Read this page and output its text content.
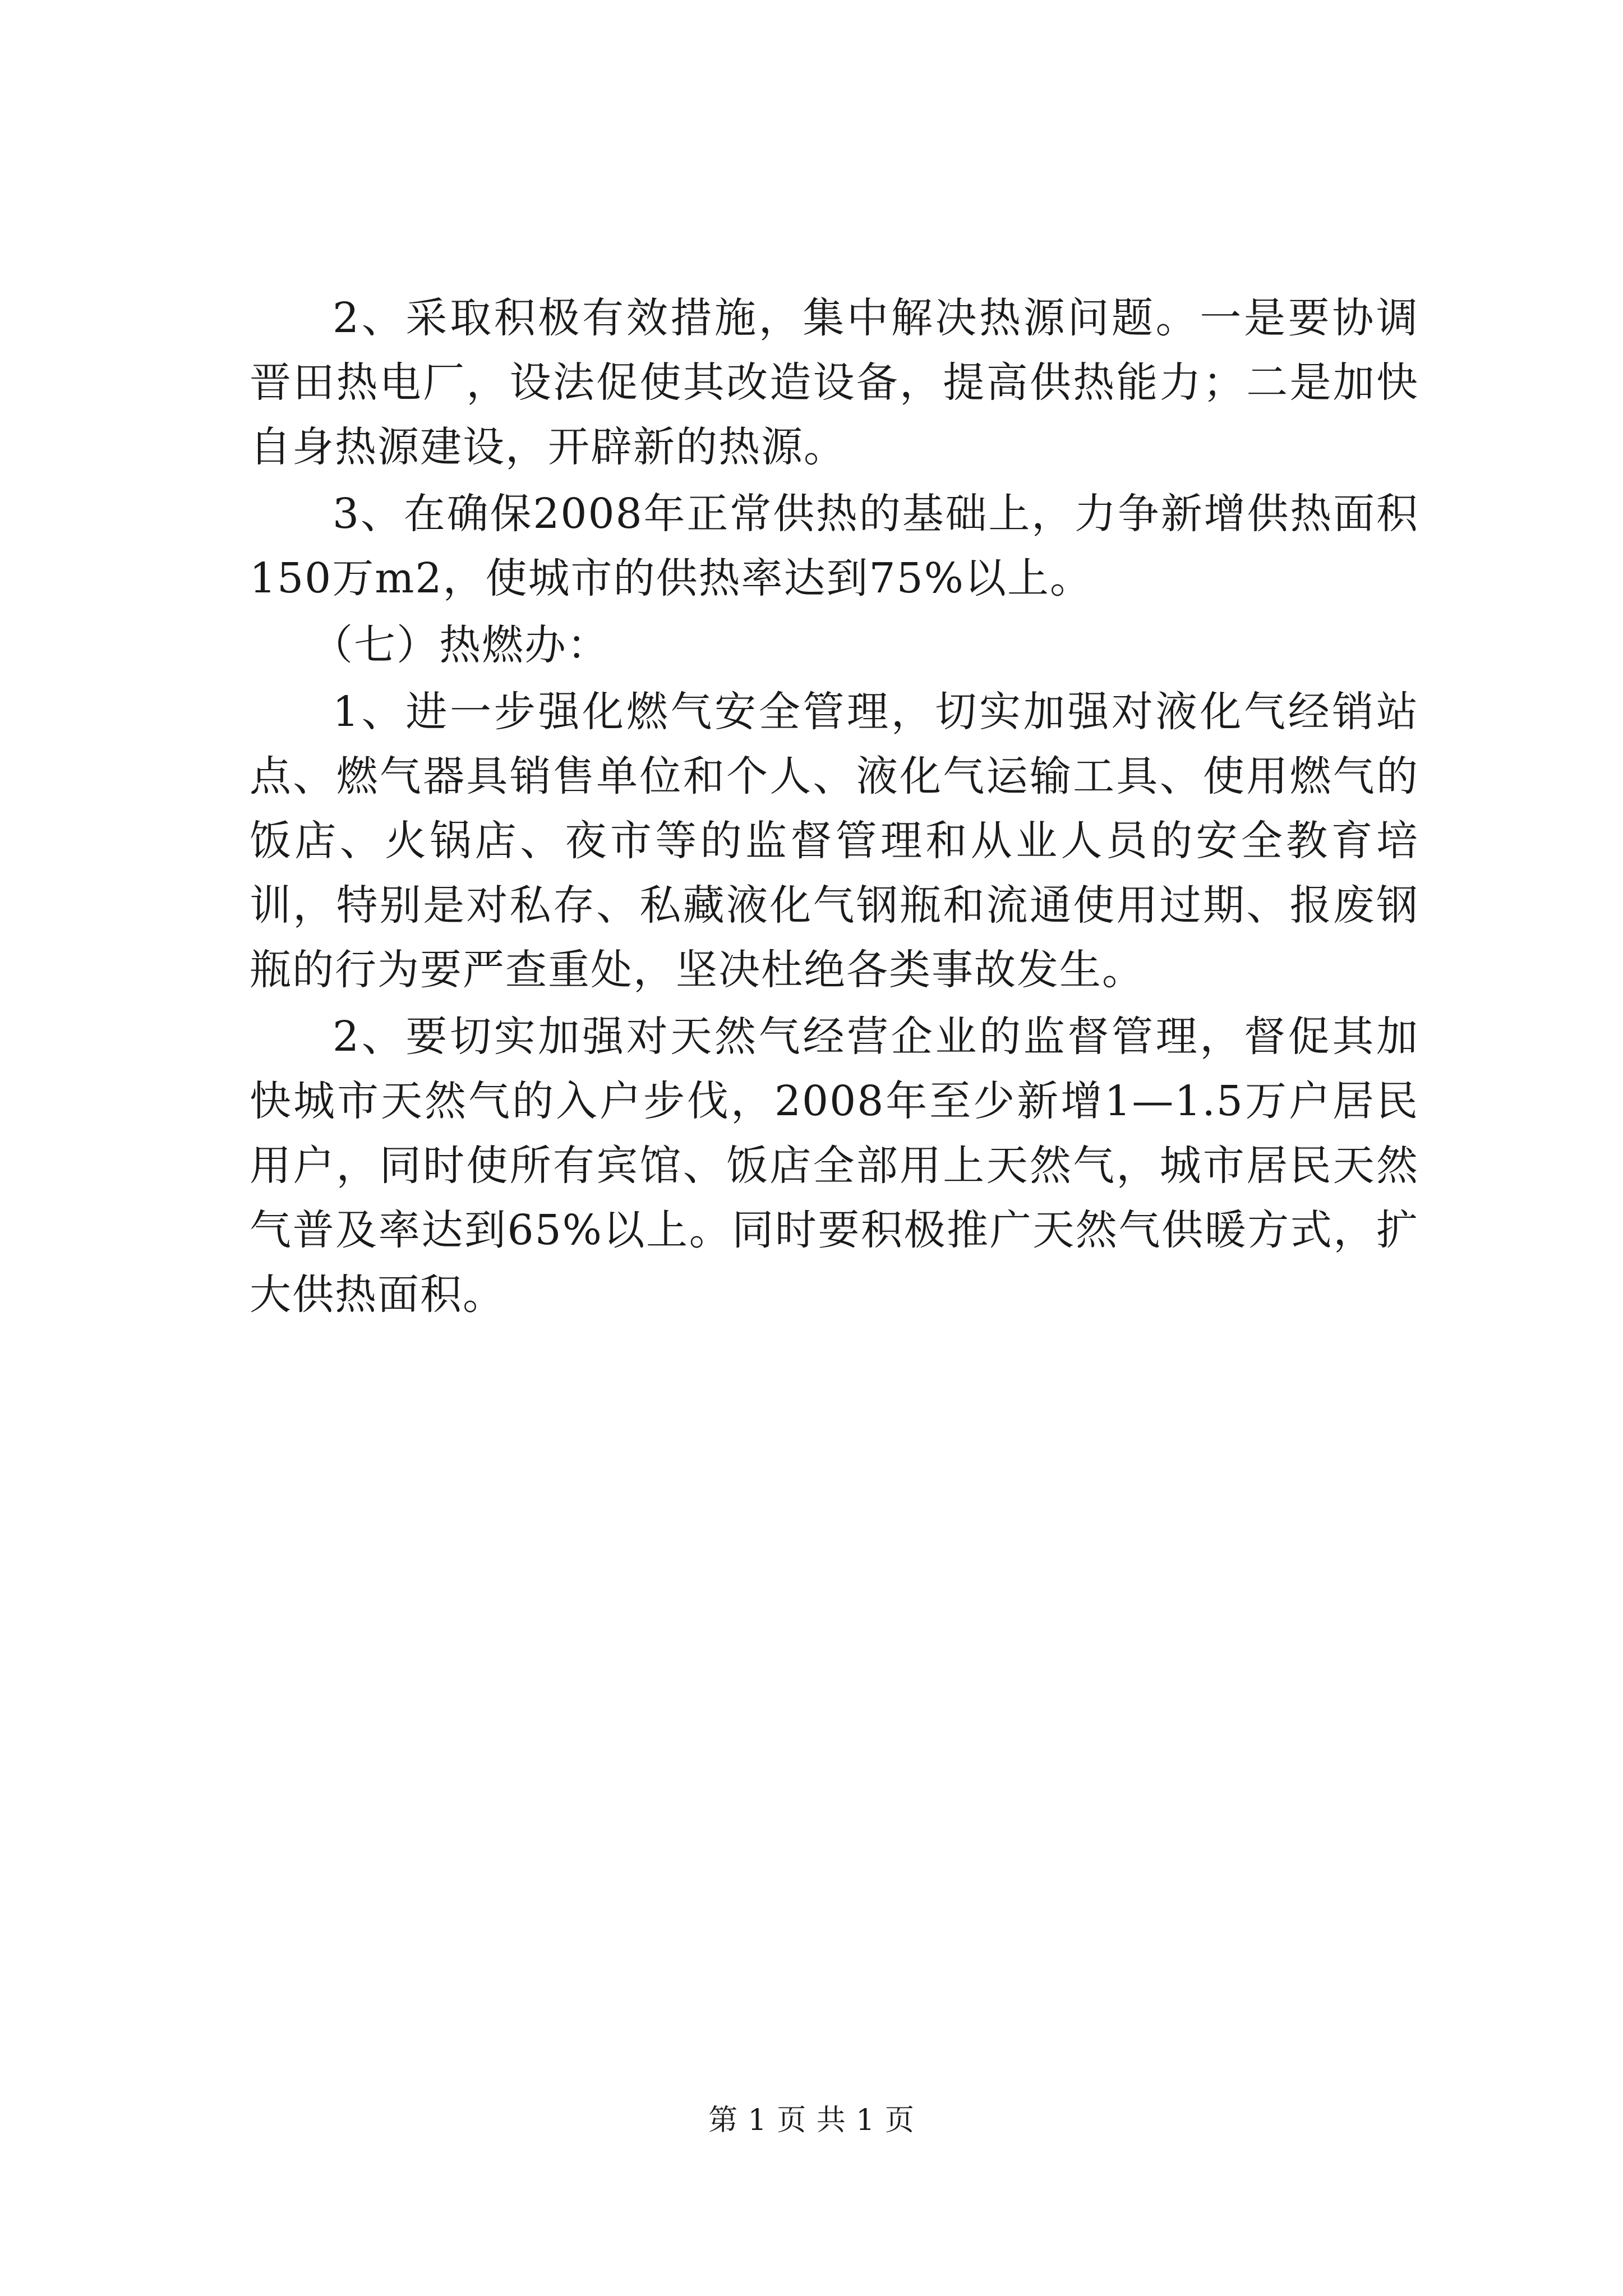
2、采取积极有效措施，集中解决热源问题。一是要协调晋田热电厂，设法促使其改造设备，提高供热能力；二是加快自身热源建设，开辟新的热源。

3、在确保2008年正常供热的基础上，力争新增供热面积150万m2，使城市的供热率达到75%以上。

（七）热燃办：

1、进一步强化燃气安全管理，切实加强对液化气经销站点、燃气器具销售单位和个人、液化气运输工具、使用燃气的饭店、火锅店、夜市等的监督管理和从业人员的安全教育培训，特别是对私存、私藏液化气钢瓶和流通使用过期、报废钢瓶的行为要严查重处，坚决杜绝各类事故发生。

2、要切实加强对天然气经营企业的监督管理，督促其加快城市天然气的入户步伐，2008年至少新增1—1.5万户居民用户，同时使所有宾馆、饭店全部用上天然气，城市居民天然气普及率达到65%以上。同时要积极推广天然气供暖方式，扩大供热面积。

第 1 页 共 1 页
